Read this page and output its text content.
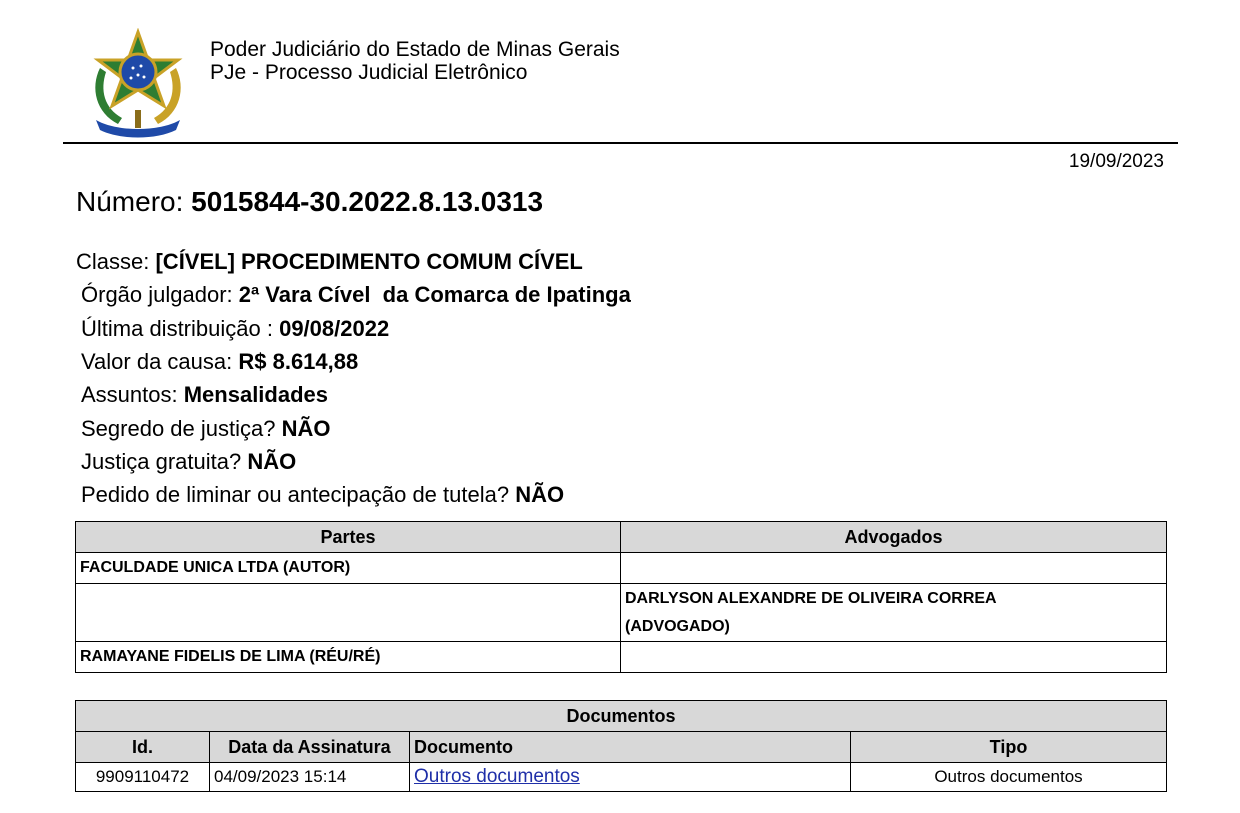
Poder Judiciário do Estado de Minas Gerais
PJe - Processo Judicial Eletrônico
19/09/2023
Número: 5015844-30.2022.8.13.0313
Classe: [CÍVEL] PROCEDIMENTO COMUM CÍVEL
Órgão julgador: 2ª Vara Cível  da Comarca de Ipatinga
Última distribuição : 09/08/2022
Valor da causa: R$ 8.614,88
Assuntos: Mensalidades
Segredo de justiça? NÃO
Justiça gratuita? NÃO
Pedido de liminar ou antecipação de tutela? NÃO
Partes	Advogados
FACULDADE UNICA LTDA (AUTOR)	

	DARLYSON ALEXANDRE DE OLIVEIRA CORREA
(ADVOGADO)

RAMAYANE FIDELIS DE LIMA (RÉU/RÉ)	
Documentos			
Id.	Data da Assinatura	Documento	Tipo
9909110472	04/09/2023 15:14	Outros documentos	Outros documentos
